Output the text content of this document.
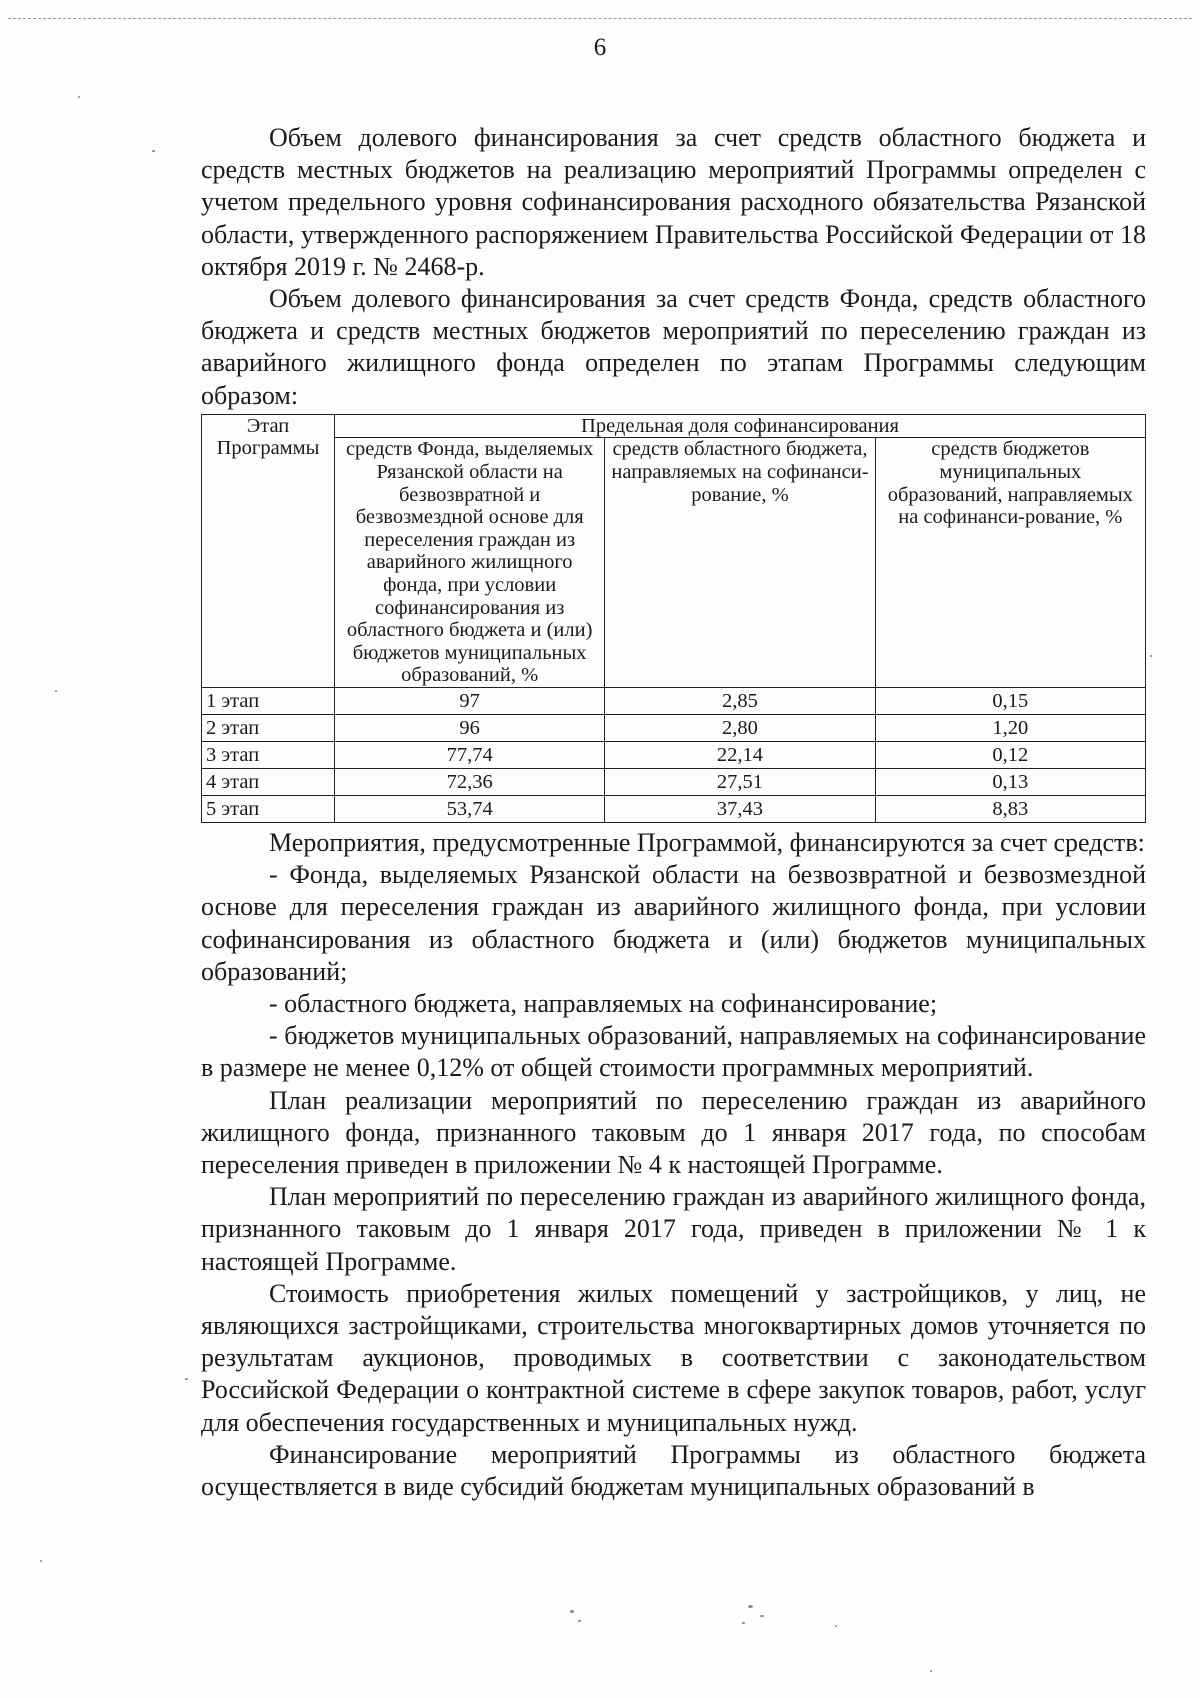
6

Объем долевого финансирования за счет средств областного бюджета и средств местных бюджетов на реализацию мероприятий Программы определен с учетом предельного уровня софинансирования расходного обязательства Рязанской области, утвержденного распоряжением Правительства Российской Федерации от 18 октября 2019 г. № 2468-р.

Объем долевого финансирования за счет средств Фонда, средств областного бюджета и средств местных бюджетов мероприятий по переселению граждан из аварийного жилищного фонда определен по этапам Программы следующим образом:

Этап Программы	Предельная доля софинансирования		
	средств Фонда, выделяемых Рязанской области на безвозвратной и безвозмездной основе для переселения граждан из аварийного жилищного фонда, при условии софинансирования из областного бюджета и (или) бюджетов муниципальных образований, %	средств областного бюджета, направляемых на софинанси-рование, %	средств бюджетов муниципальных образований, направляемых на софинанси-рование, %
1 этап	97	2,85	0,15
2 этап	96	2,80	1,20
3 этап	77,74	22,14	0,12
4 этап	72,36	27,51	0,13
5 этап	53,74	37,43	8,83

Мероприятия, предусмотренные Программой, финансируются за счет средств:

- Фонда, выделяемых Рязанской области на безвозвратной и безвозмездной основе для переселения граждан из аварийного жилищного фонда, при условии софинансирования из областного бюджета и (или) бюджетов муниципальных образований;

- областного бюджета, направляемых на софинансирование;

- бюджетов муниципальных образований, направляемых на софинансирование в размере не менее 0,12% от общей стоимости программных мероприятий.

План реализации мероприятий по переселению граждан из аварийного жилищного фонда, признанного таковым до 1 января 2017 года, по способам переселения приведен в приложении № 4 к настоящей Программе.

План мероприятий по переселению граждан из аварийного жилищного фонда, признанного таковым до 1 января 2017 года, приведен в приложении № 1 к настоящей Программе.

Стоимость приобретения жилых помещений у застройщиков, у лиц, не являющихся застройщиками, строительства многоквартирных домов уточняется по результатам аукционов, проводимых в соответствии с законодательством Российской Федерации о контрактной системе в сфере закупок товаров, работ, услуг для обеспечения государственных и муниципальных нужд.

Финансирование мероприятий Программы из областного бюджета осуществляется в виде субсидий бюджетам муниципальных образований в
